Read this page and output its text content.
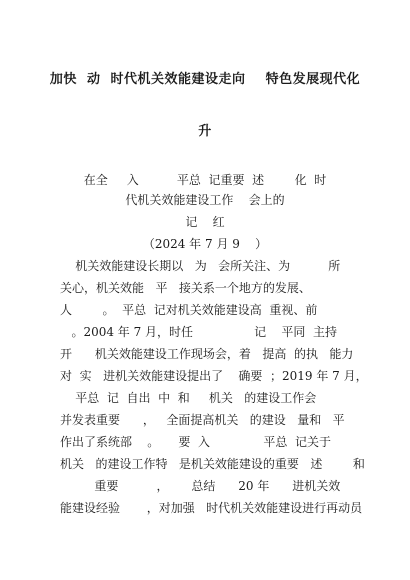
加快  动  时代机关效能建设走向    特色发展现代化
升
在全     入          平总  记重要  述        化  时
代机关效能建设工作    会上的
记    红
（2024 年 7 月 9    ）
机关效能建设长期以   为   会所关注、为          所
关心，机关效能   平   接关系一个地方的发展、
人        。  平总  记对机关效能建设高  重视、前
。2004 年 7 月，时任                记    平同  主持
开      机关效能建设工作现场会，着   提高  的执   能力
对  实   进机关效能建设提出了    确要  ；2019 年 7 月，
平总  记  自出  中  和     机关   的建设工作会
并发表重要      ，   全面提高机关   的建设   量和   平
作出了系统部    。     要  入              平总  记关于
机关   的建设工作特   是机关效能建设的重要   述        和
重要          ，      总结      20 年      进机关效
能建设经验       ，对加强   时代机关效能建设进行再动员
